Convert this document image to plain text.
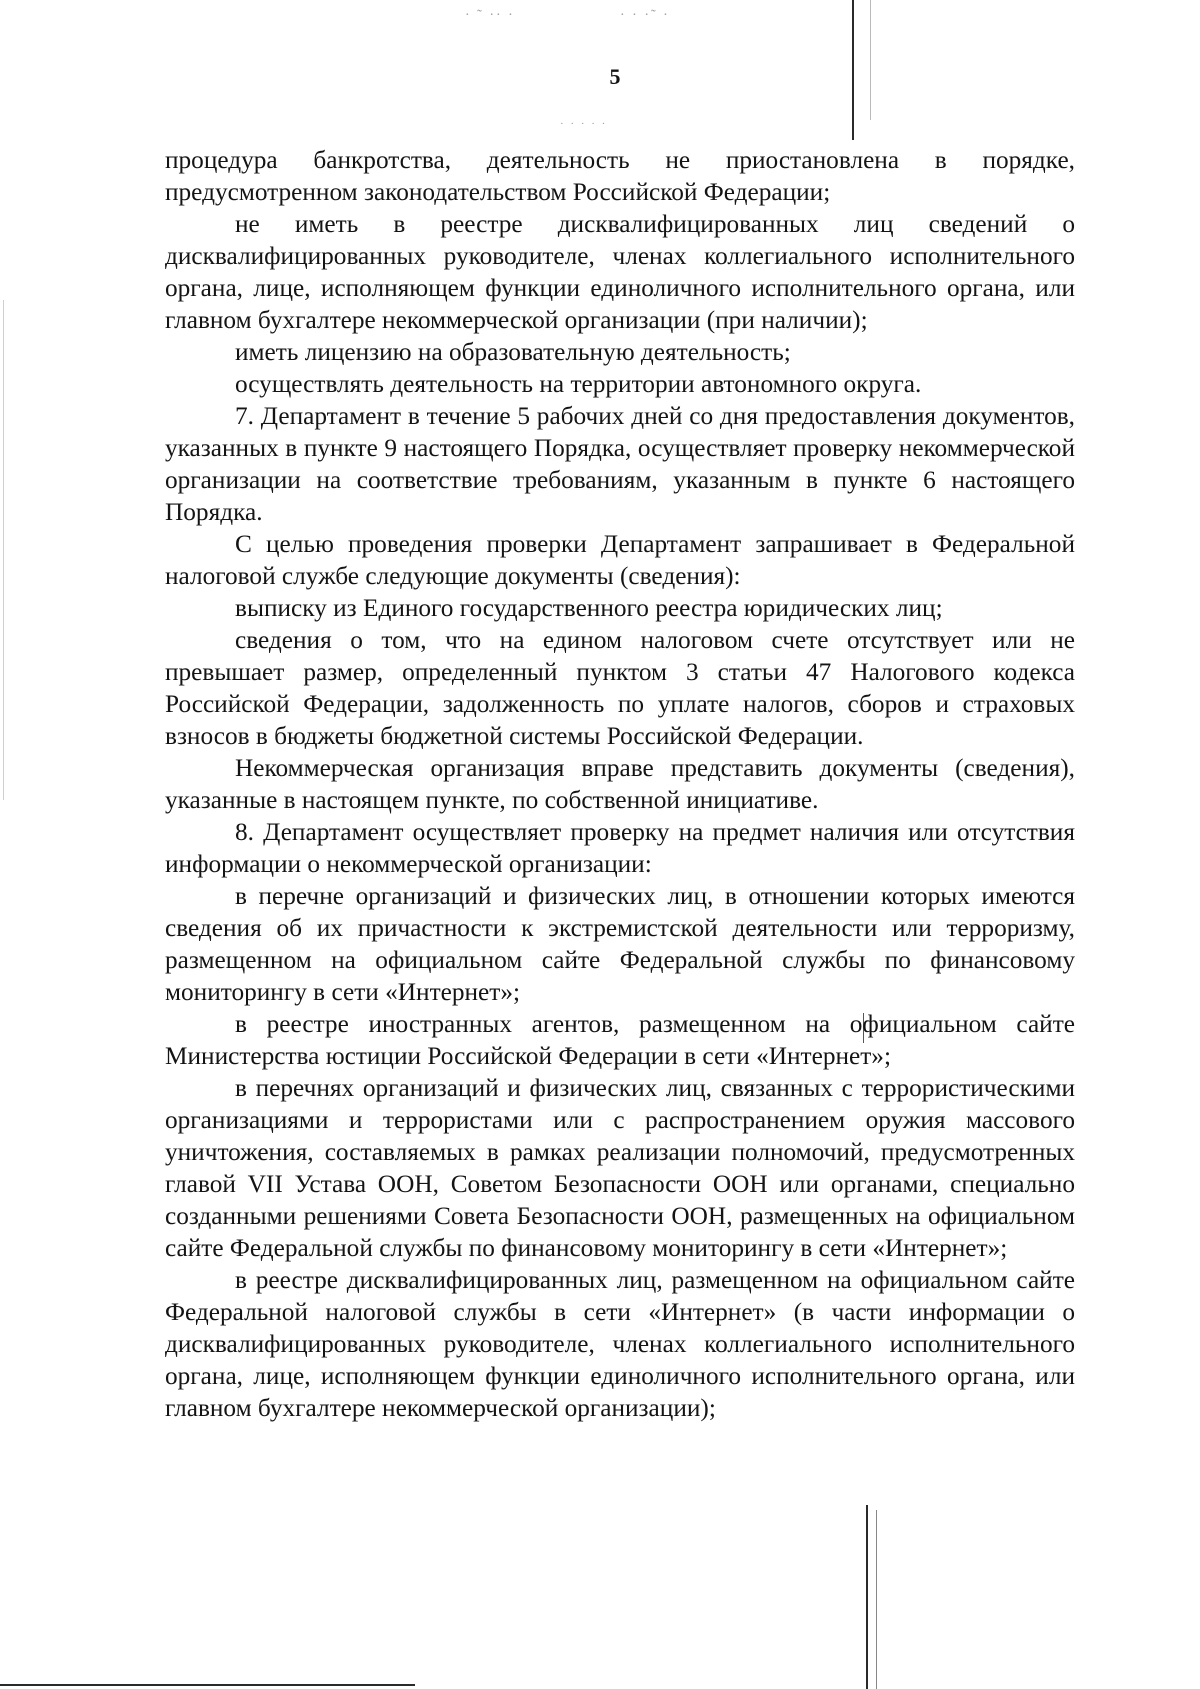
· ˜ ·· ·	· · ·˜ ·
· · · · ·
5

процедура банкротства, деятельность не приостановлена в порядке, предусмотренном законодательством Российской Федерации;

не иметь в реестре дисквалифицированных лиц сведений о дисквалифицированных руководителе, членах коллегиального исполнительного органа, лице, исполняющем функции единоличного исполнительного органа, или главном бухгалтере некоммерческой организации (при наличии);

иметь лицензию на образовательную деятельность;

осуществлять деятельность на территории автономного округа.

7. Департамент в течение 5 рабочих дней со дня предоставления документов, указанных в пункте 9 настоящего Порядка, осуществляет проверку некоммерческой организации на соответствие требованиям, указанным в пункте 6 настоящего Порядка.

С целью проведения проверки Департамент запрашивает в Федеральной налоговой службе следующие документы (сведения):

выписку из Единого государственного реестра юридических лиц;

сведения о том, что на едином налоговом счете отсутствует или не превышает размер, определенный пунктом 3 статьи 47 Налогового кодекса Российской Федерации, задолженность по уплате налогов, сборов и страховых взносов в бюджеты бюджетной системы Российской Федерации.

Некоммерческая организация вправе представить документы (сведения), указанные в настоящем пункте, по собственной инициативе.

8. Департамент осуществляет проверку на предмет наличия или отсутствия информации о некоммерческой организации:

в перечне организаций и физических лиц, в отношении которых имеются сведения об их причастности к экстремистской деятельности или терроризму, размещенном на официальном сайте Федеральной службы по финансовому мониторингу в сети «Интернет»;

в реестре иностранных агентов, размещенном на официальном сайте Министерства юстиции Российской Федерации в сети «Интернет»;

в перечнях организаций и физических лиц, связанных с террористическими организациями и террористами или с распространением оружия массового уничтожения, составляемых в рамках реализации полномочий, предусмотренных главой VII Устава ООН, Советом Безопасности ООН или органами, специально созданными решениями Совета Безопасности ООН, размещенных на официальном сайте Федеральной службы по финансовому мониторингу в сети «Интернет»;

в реестре дисквалифицированных лиц, размещенном на официальном сайте Федеральной налоговой службы в сети «Интернет» (в части информации о дисквалифицированных руководителе, членах коллегиального исполнительного органа, лице, исполняющем функции единоличного исполнительного органа, или главном бухгалтере некоммерческой организации);
